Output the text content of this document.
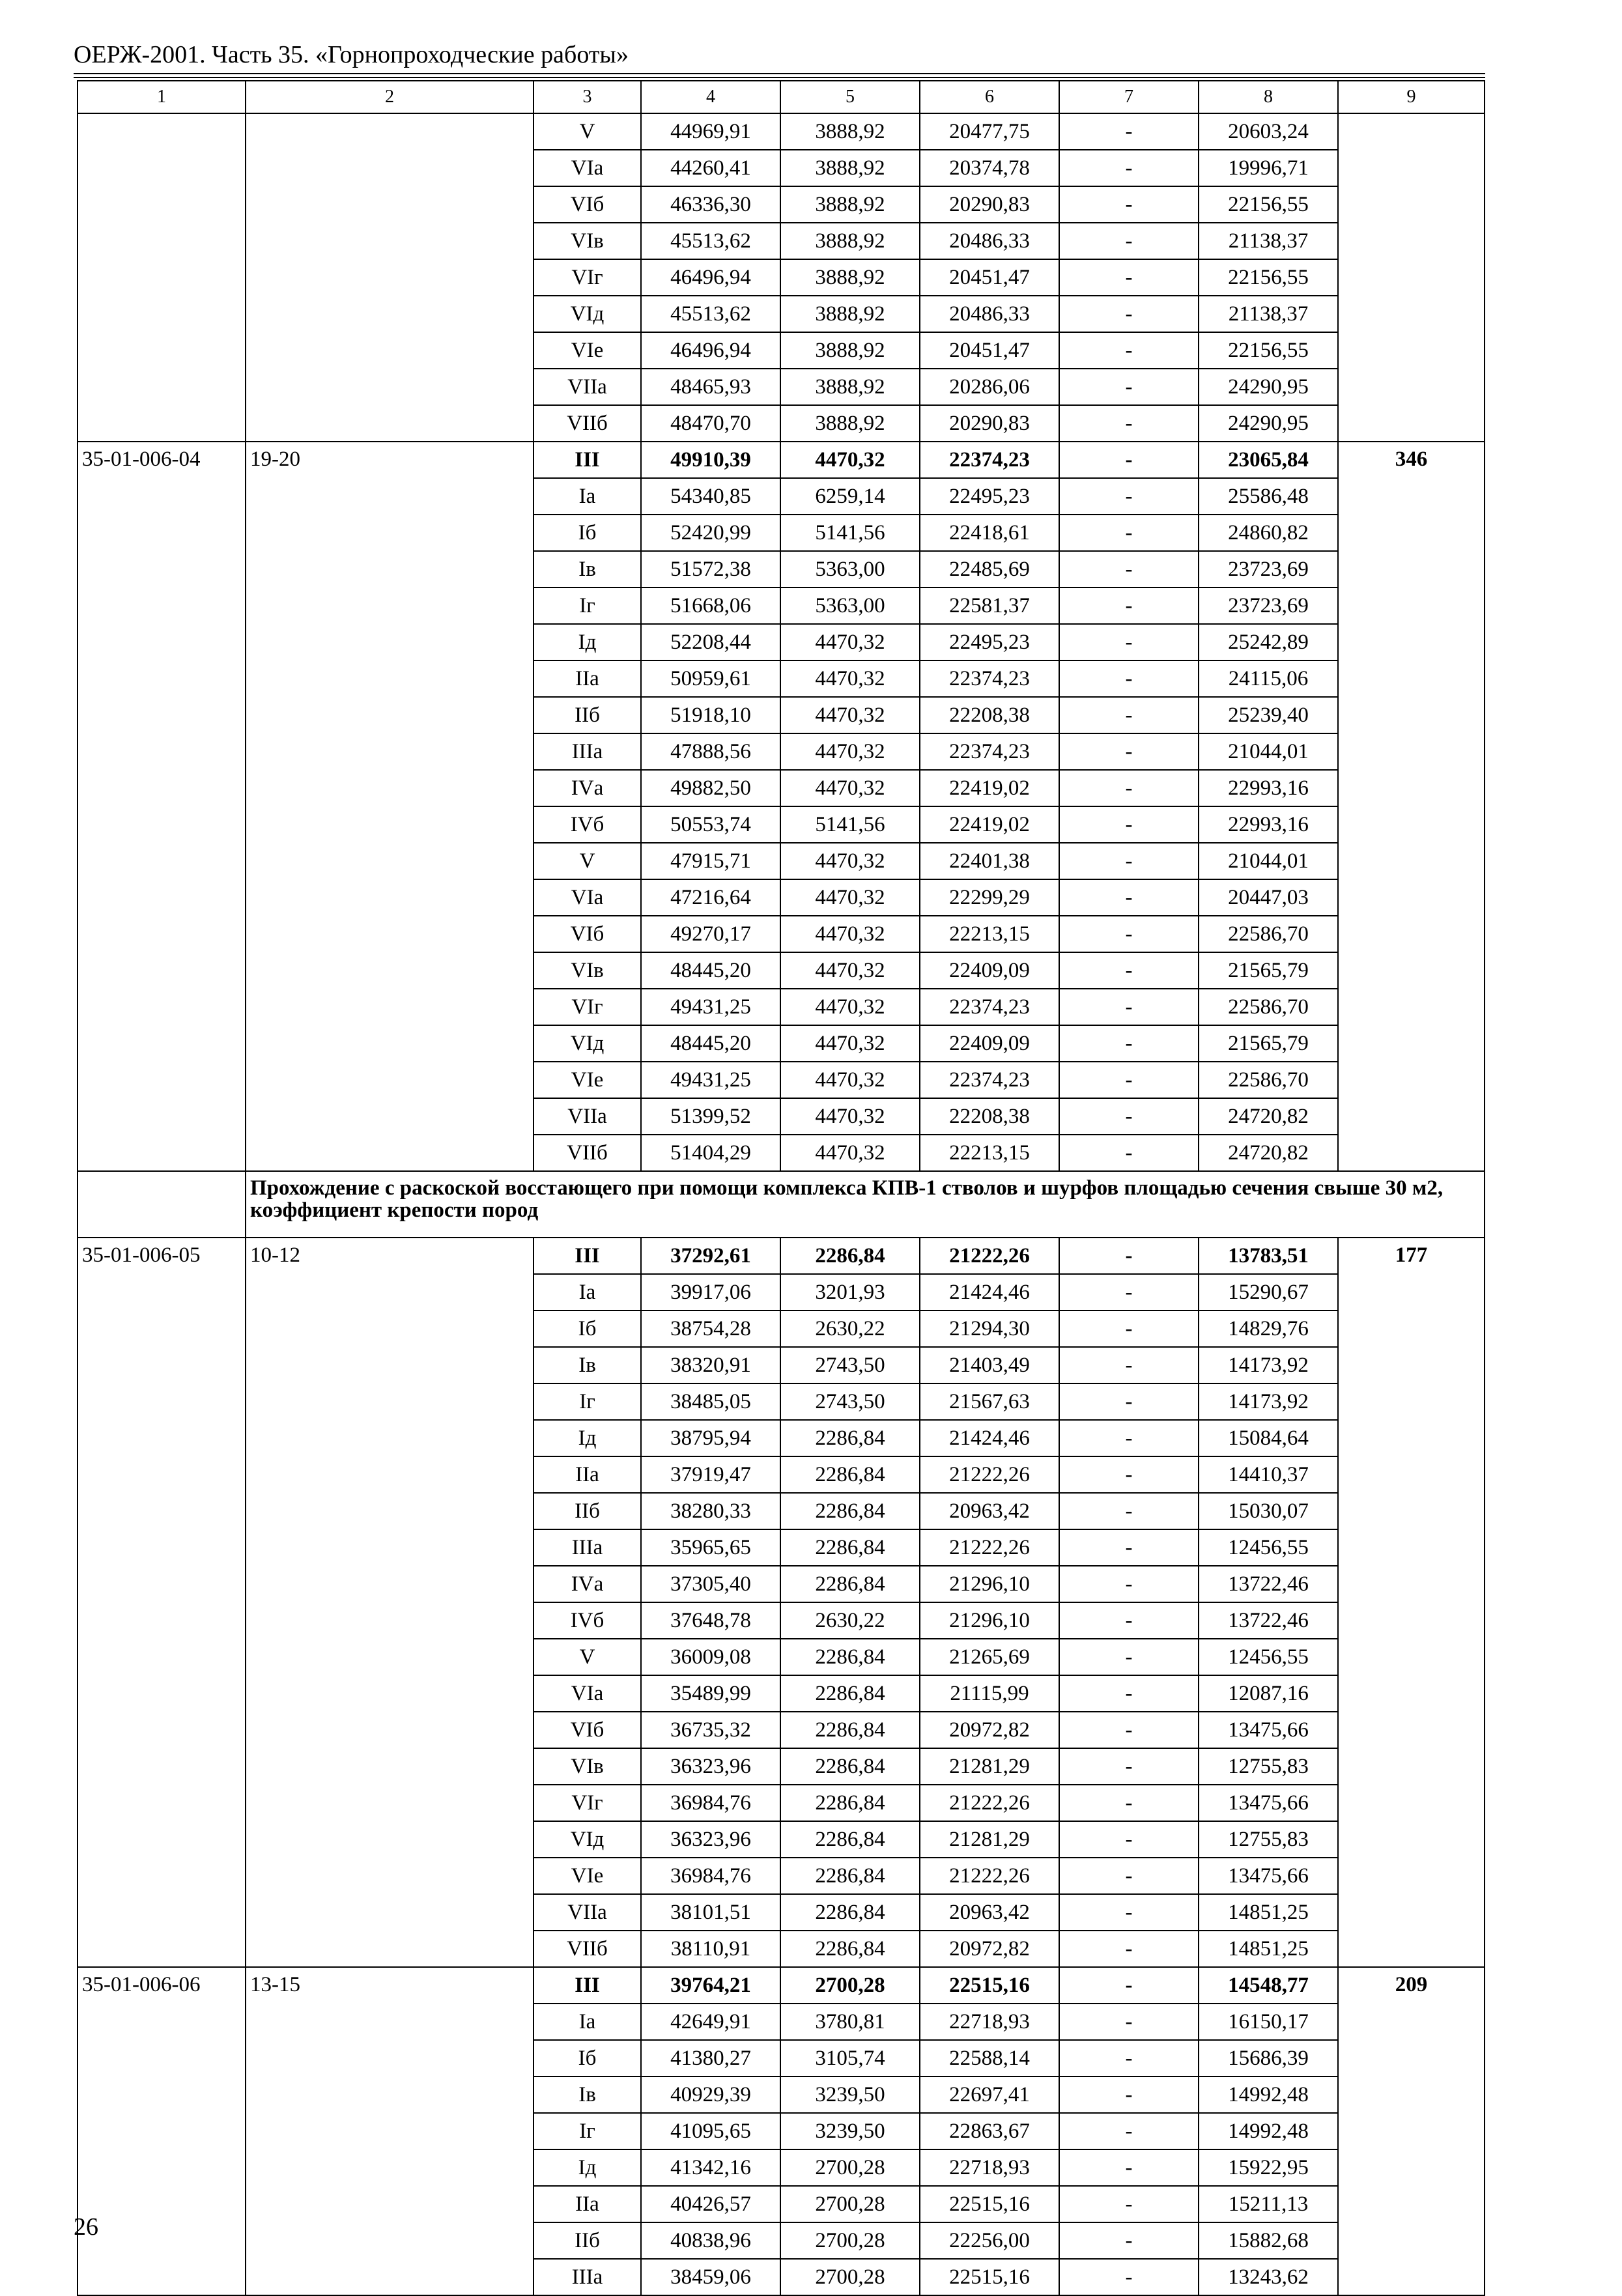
ОЕРЖ-2001. Часть 35. «Горнопроходческие работы»
1	2	3	4	5	6	7	8	9
		V	44969,91	3888,92	20477,75	-	20603,24	
		VIа	44260,41	3888,92	20374,78	-	19996,71	
		VIб	46336,30	3888,92	20290,83	-	22156,55	
		VIв	45513,62	3888,92	20486,33	-	21138,37	
		VIг	46496,94	3888,92	20451,47	-	22156,55	
		VIд	45513,62	3888,92	20486,33	-	21138,37	
		VIе	46496,94	3888,92	20451,47	-	22156,55	
		VIIа	48465,93	3888,92	20286,06	-	24290,95	
		VIIб	48470,70	3888,92	20290,83	-	24290,95	
35-01-006-04	19-20	III	49910,39	4470,32	22374,23	-	23065,84	346
		Iа	54340,85	6259,14	22495,23	-	25586,48	
		Iб	52420,99	5141,56	22418,61	-	24860,82	
		Iв	51572,38	5363,00	22485,69	-	23723,69	
		Iг	51668,06	5363,00	22581,37	-	23723,69	
		Iд	52208,44	4470,32	22495,23	-	25242,89	
		IIа	50959,61	4470,32	22374,23	-	24115,06	
		IIб	51918,10	4470,32	22208,38	-	25239,40	
		IIIа	47888,56	4470,32	22374,23	-	21044,01	
		IVа	49882,50	4470,32	22419,02	-	22993,16	
		IVб	50553,74	5141,56	22419,02	-	22993,16	
		V	47915,71	4470,32	22401,38	-	21044,01	
		VIа	47216,64	4470,32	22299,29	-	20447,03	
		VIб	49270,17	4470,32	22213,15	-	22586,70	
		VIв	48445,20	4470,32	22409,09	-	21565,79	
		VIг	49431,25	4470,32	22374,23	-	22586,70	
		VIд	48445,20	4470,32	22409,09	-	21565,79	
		VIе	49431,25	4470,32	22374,23	-	22586,70	
		VIIа	51399,52	4470,32	22208,38	-	24720,82	
		VIIб	51404,29	4470,32	22213,15	-	24720,82	
	Прохождение с раскоской восстающего при помощи комплекса КПВ-1 стволов и шурфов площадью сечения свыше 30 м2, коэффициент крепости пород							
35-01-006-05	10-12	III	37292,61	2286,84	21222,26	-	13783,51	177
		Iа	39917,06	3201,93	21424,46	-	15290,67	
		Iб	38754,28	2630,22	21294,30	-	14829,76	
		Iв	38320,91	2743,50	21403,49	-	14173,92	
		Iг	38485,05	2743,50	21567,63	-	14173,92	
		Iд	38795,94	2286,84	21424,46	-	15084,64	
		IIа	37919,47	2286,84	21222,26	-	14410,37	
		IIб	38280,33	2286,84	20963,42	-	15030,07	
		IIIа	35965,65	2286,84	21222,26	-	12456,55	
		IVа	37305,40	2286,84	21296,10	-	13722,46	
		IVб	37648,78	2630,22	21296,10	-	13722,46	
		V	36009,08	2286,84	21265,69	-	12456,55	
		VIа	35489,99	2286,84	21115,99	-	12087,16	
		VIб	36735,32	2286,84	20972,82	-	13475,66	
		VIв	36323,96	2286,84	21281,29	-	12755,83	
		VIг	36984,76	2286,84	21222,26	-	13475,66	
		VIд	36323,96	2286,84	21281,29	-	12755,83	
		VIе	36984,76	2286,84	21222,26	-	13475,66	
		VIIа	38101,51	2286,84	20963,42	-	14851,25	
		VIIб	38110,91	2286,84	20972,82	-	14851,25	
35-01-006-06	13-15	III	39764,21	2700,28	22515,16	-	14548,77	209
		Iа	42649,91	3780,81	22718,93	-	16150,17	
		Iб	41380,27	3105,74	22588,14	-	15686,39	
		Iв	40929,39	3239,50	22697,41	-	14992,48	
		Iг	41095,65	3239,50	22863,67	-	14992,48	
		Iд	41342,16	2700,28	22718,93	-	15922,95	
		IIа	40426,57	2700,28	22515,16	-	15211,13	
		IIб	40838,96	2700,28	22256,00	-	15882,68	
		IIIа	38459,06	2700,28	22515,16	-	13243,62	
26
